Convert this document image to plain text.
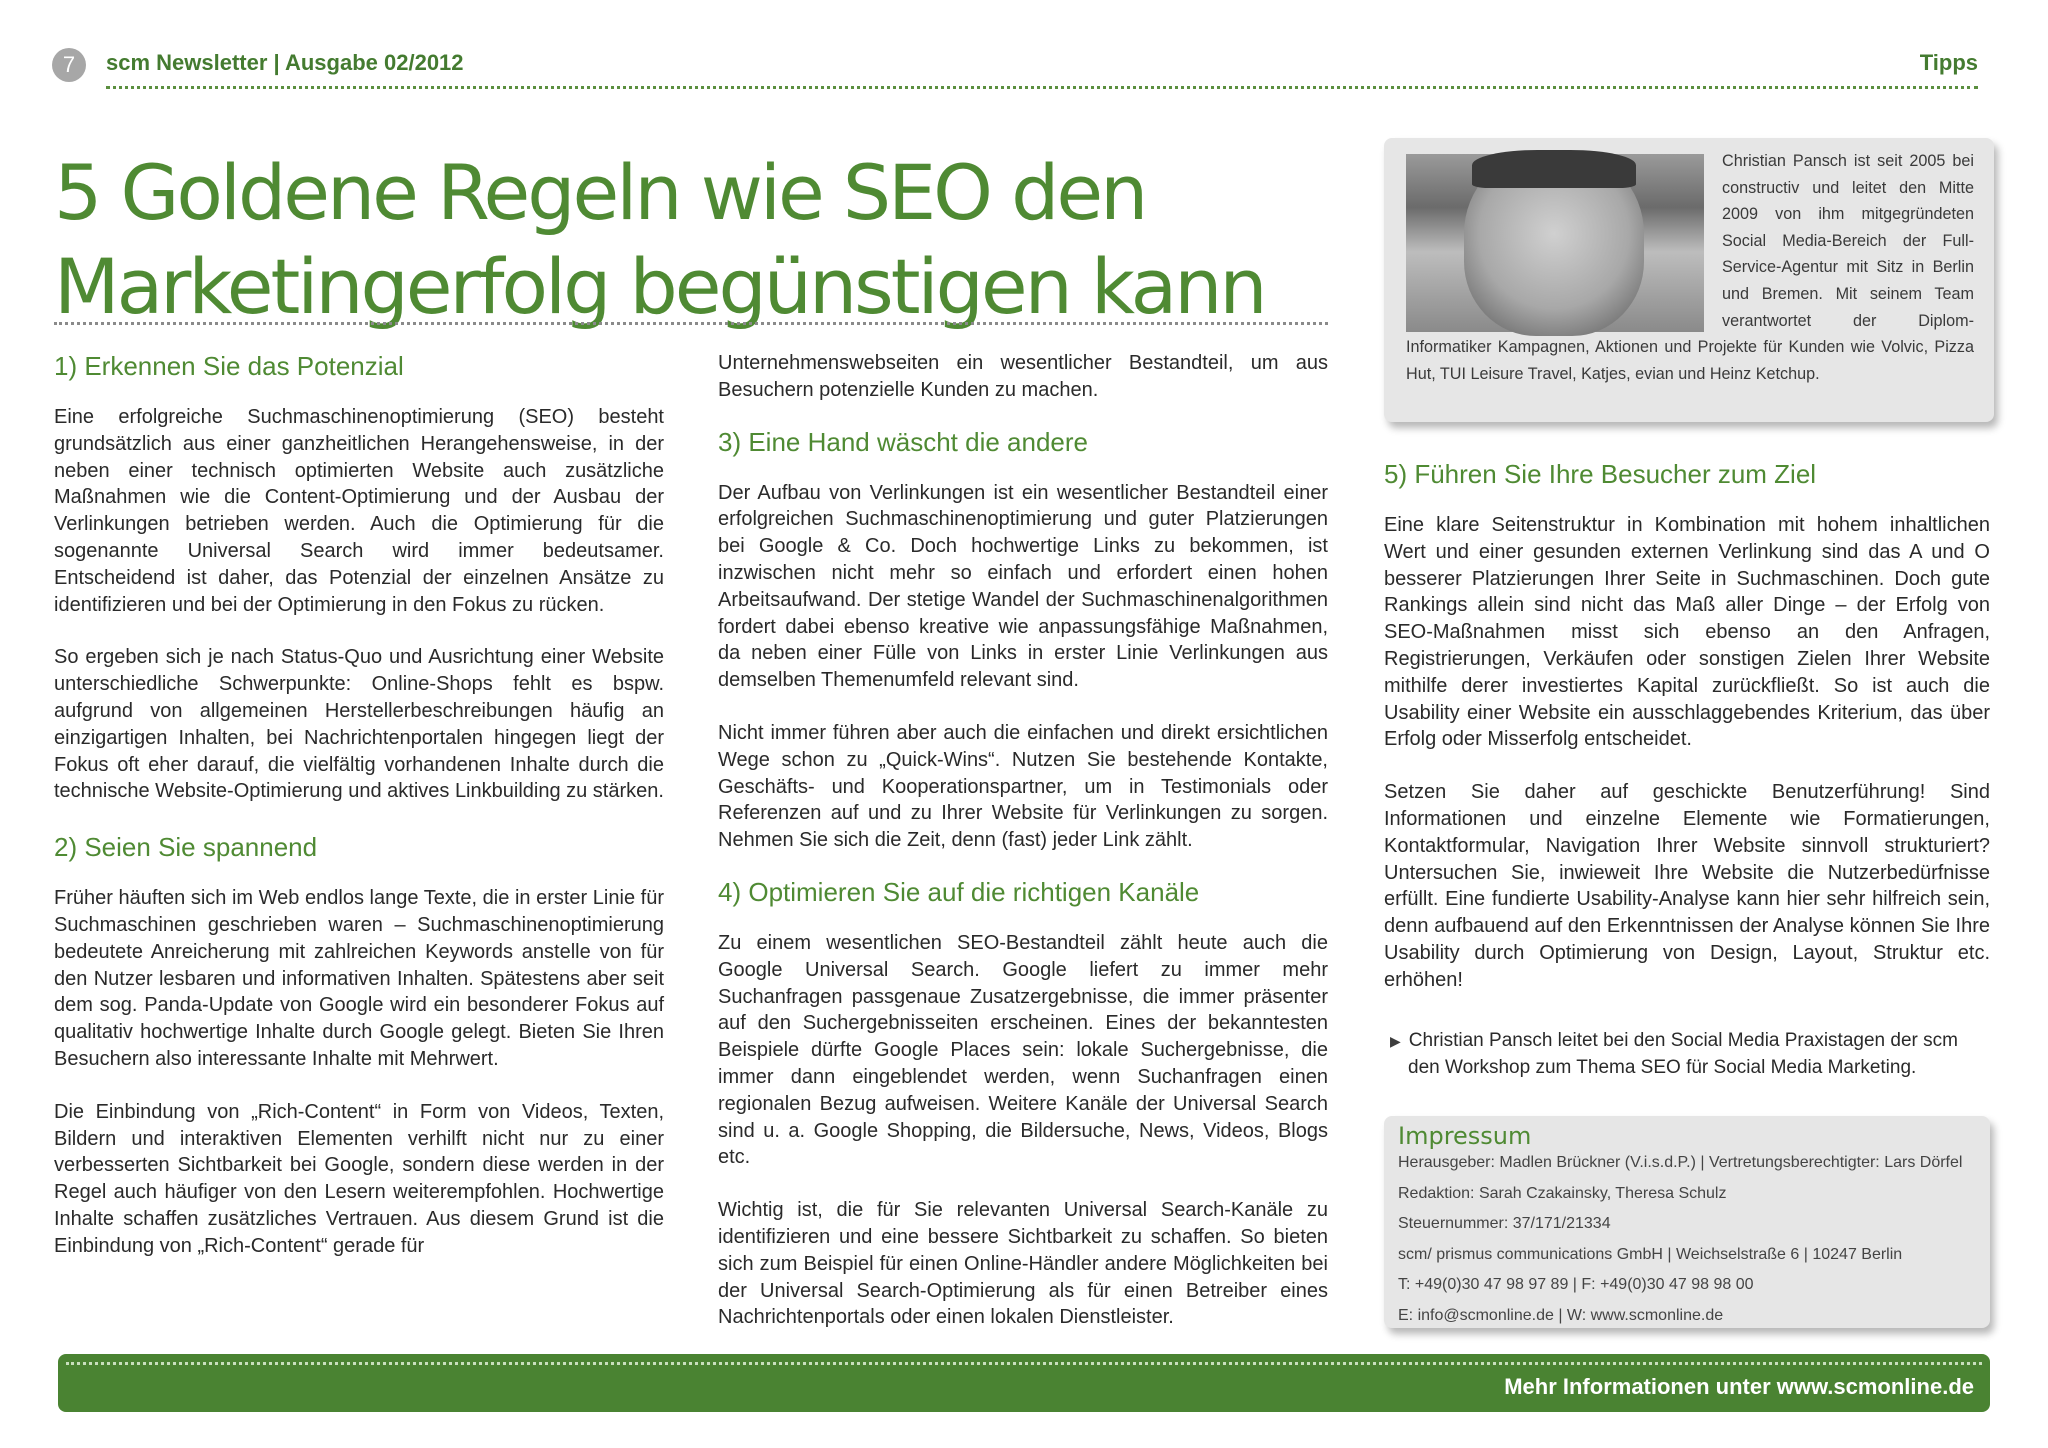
7	scm Newsletter | Ausgabe 02/2012	Tipps
5 Goldene Regeln wie SEO den
Marketingerfolg begünstigen kann
1) Erkennen Sie das Potenzial

Eine erfolgreiche Suchmaschinenoptimierung (SEO) besteht grundsätzlich aus einer ganzheitlichen Herangehensweise, in der neben einer technisch optimierten Website auch zusätzliche Maßnahmen wie die Content-Optimierung und der Ausbau der Verlinkungen betrieben werden. Auch die Optimierung für die sogenannte Universal Search wird immer bedeutsamer. Entscheidend ist daher, das Potenzial der einzelnen Ansätze zu identifizieren und bei der Optimierung in den Fokus zu rücken.

So ergeben sich je nach Status-Quo und Ausrichtung einer Website unterschiedliche Schwerpunkte: Online-Shops fehlt es bspw. aufgrund von allgemeinen Herstellerbeschreibungen häufig an einzigartigen Inhalten, bei Nachrichtenportalen hingegen liegt der Fokus oft eher darauf, die vielfältig vorhandenen Inhalte durch die technische Website-Optimierung und aktives Linkbuilding zu stärken.

2) Seien Sie spannend

Früher häuften sich im Web endlos lange Texte, die in erster Linie für Suchmaschinen geschrieben waren – Suchmaschinenoptimierung bedeutete Anreicherung mit zahlreichen Keywords anstelle von für den Nutzer lesbaren und informativen Inhalten. Spätestens aber seit dem sog. Panda-Update von Google wird ein besonderer Fokus auf qualitativ hochwertige Inhalte durch Google gelegt. Bieten Sie Ihren Besuchern also interessante Inhalte mit Mehrwert.

Die Einbindung von „Rich-Content“ in Form von Videos, Texten, Bildern und interaktiven Elementen verhilft nicht nur zu einer verbesserten Sichtbarkeit bei Google, sondern diese werden in der Regel auch häufiger von den Lesern weiterempfohlen. Hochwertige Inhalte schaffen zusätzliches Vertrauen. Aus diesem Grund ist die Einbindung von „Rich-Content“ gerade für

Unternehmenswebseiten ein wesentlicher Bestandteil, um aus Besuchern potenzielle Kunden zu machen.

3) Eine Hand wäscht die andere

Der Aufbau von Verlinkungen ist ein wesentlicher Bestandteil einer erfolgreichen Suchmaschinenoptimierung und guter Platzierungen bei Google & Co. Doch hochwertige Links zu bekommen, ist inzwischen nicht mehr so einfach und erfordert einen hohen Arbeitsaufwand. Der stetige Wandel der Suchmaschinenalgorithmen fordert dabei ebenso kreative wie anpassungsfähige Maßnahmen, da neben einer Fülle von Links in erster Linie Verlinkungen aus demselben Themenumfeld relevant sind.

Nicht immer führen aber auch die einfachen und direkt ersichtlichen Wege schon zu „Quick-Wins“. Nutzen Sie bestehende Kontakte, Geschäfts- und Kooperationspartner, um in Testimonials oder Referenzen auf und zu Ihrer Website für Verlinkungen zu sorgen. Nehmen Sie sich die Zeit, denn (fast) jeder Link zählt.

4) Optimieren Sie auf die richtigen Kanäle

Zu einem wesentlichen SEO-Bestandteil zählt heute auch die Google Universal Search. Google liefert zu immer mehr Suchanfragen passgenaue Zusatzergebnisse, die immer präsenter auf den Suchergebnisseiten erscheinen. Eines der bekanntesten Beispiele dürfte Google Places sein: lokale Suchergebnisse, die immer dann eingeblendet werden, wenn Suchanfragen einen regionalen Bezug aufweisen. Weitere Kanäle der Universal Search sind u. a. Google Shopping, die Bildersuche, News, Videos, Blogs etc.

Wichtig ist, die für Sie relevanten Universal Search-Kanäle zu identifizieren und eine bessere Sichtbarkeit zu schaffen. So bieten sich zum Beispiel für einen Online-Händler andere Möglichkeiten bei der Universal Search-Optimierung als für einen Betreiber eines Nachrichtenportals oder einen lokalen Dienstleister.

Christian Pansch ist seit 2005 bei constructiv und leitet den Mitte 2009 von ihm mitgegründeten Social Media-Bereich der Full-Service-Agentur mit Sitz in Berlin und Bremen. Mit seinem Team verantwortet der Diplom-Informatiker Kampagnen, Aktionen und Projekte für Kunden wie Volvic, Pizza Hut, TUI Leisure Travel, Katjes, evian und Heinz Ketchup.
5) Führen Sie Ihre Besucher zum Ziel

Eine klare Seitenstruktur in Kombination mit hohem inhaltlichen Wert und einer gesunden externen Verlinkung sind das A und O besserer Platzierungen Ihrer Seite in Suchmaschinen. Doch gute Rankings allein sind nicht das Maß aller Dinge – der Erfolg von SEO-Maßnahmen misst sich ebenso an den Anfragen, Registrierungen, Verkäufen oder sonstigen Zielen Ihrer Website mithilfe derer investiertes Kapital zurückfließt. So ist auch die Usability einer Website ein ausschlaggebendes Kriterium, das über Erfolg oder Misserfolg entscheidet.

Setzen Sie daher auf geschickte Benutzerführung! Sind Informationen und einzelne Elemente wie Formatierungen, Kontaktformular, Navigation Ihrer Website sinnvoll strukturiert? Untersuchen Sie, inwieweit Ihre Website die Nutzerbedürfnisse erfüllt. Eine fundierte Usability-Analyse kann hier sehr hilfreich sein, denn aufbauend auf den Erkenntnissen der Analyse können Sie Ihre Usability durch Optimierung von Design, Layout, Struktur etc. erhöhen!

▶ Christian Pansch leitet bei den Social Media Praxistagen der scm
den Workshop zum Thema SEO für Social Media Marketing.
Impressum
Herausgeber: Madlen Brückner (V.i.s.d.P.) | Vertretungsberechtigter: Lars Dörfel
Redaktion: Sarah Czakainsky, Theresa Schulz
Steuernummer: 37/171/21334
scm/ prismus communications GmbH | Weichselstraße 6 | 10247 Berlin
T: +49(0)30 47 98 97 89 | F: +49(0)30 47 98 98 00
E: info@scmonline.de | W: www.scmonline.de
Mehr Informationen unter www.scmonline.de
